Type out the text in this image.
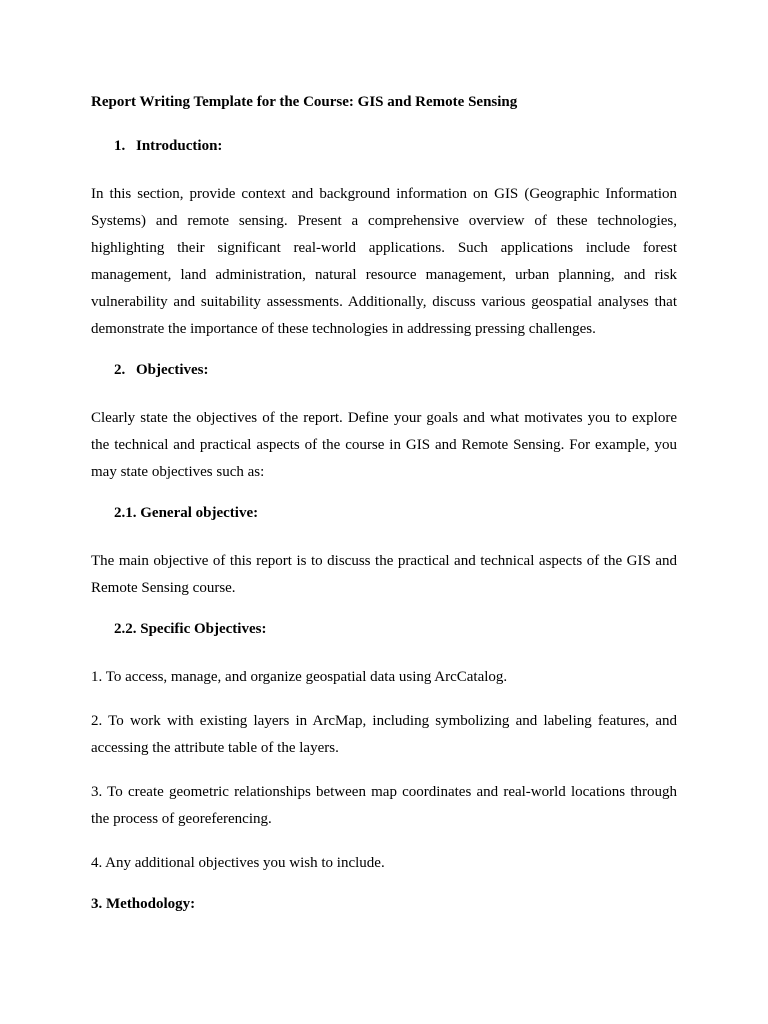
Report Writing Template for the Course: GIS and Remote Sensing
1. Introduction:

In this section, provide context and background information on GIS (Geographic Information Systems) and remote sensing. Present a comprehensive overview of these technologies, highlighting their significant real-world applications. Such applications include forest management, land administration, natural resource management, urban planning, and risk vulnerability and suitability assessments. Additionally, discuss various geospatial analyses that demonstrate the importance of these technologies in addressing pressing challenges.

2. Objectives:

Clearly state the objectives of the report. Define your goals and what motivates you to explore the technical and practical aspects of the course in GIS and Remote Sensing. For example, you may state objectives such as:

2.1. General objective:

The main objective of this report is to discuss the practical and technical aspects of the GIS and Remote Sensing course.

2.2. Specific Objectives:

1. To access, manage, and organize geospatial data using ArcCatalog.

2. To work with existing layers in ArcMap, including symbolizing and labeling features, and accessing the attribute table of the layers.

3. To create geometric relationships between map coordinates and real-world locations through the process of georeferencing.

4. Any additional objectives you wish to include.

3. Methodology:
